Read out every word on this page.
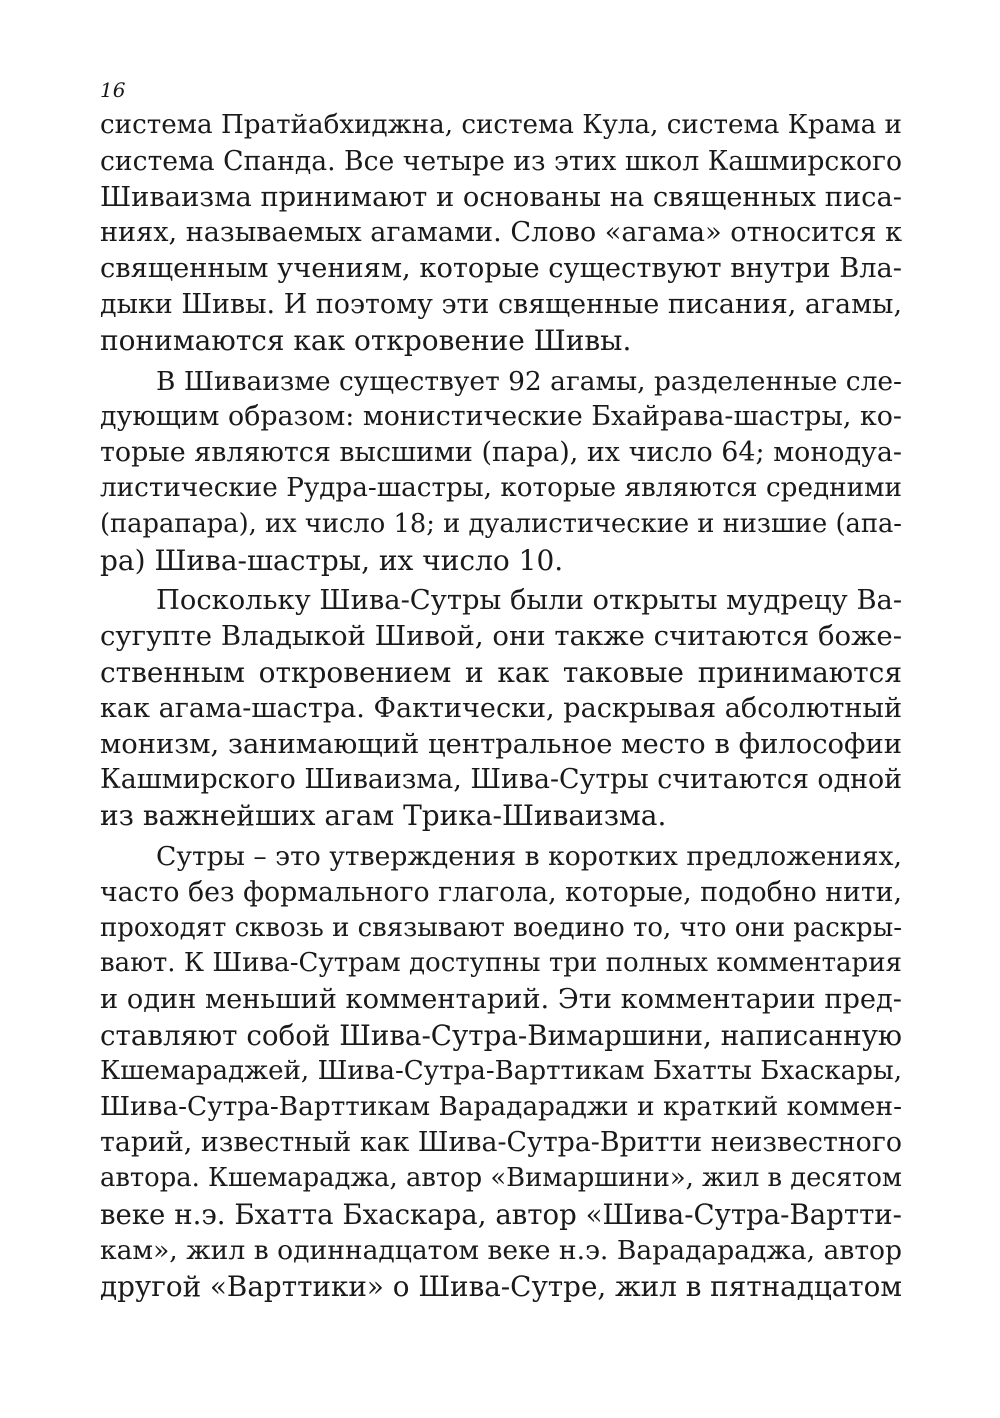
16
система Пратйабхиджна, система Кула, система Крама и
система Спанда. Все четыре из этих школ Кашмирского
Шиваизма принимают и основаны на священных писа-
ниях, называемых агамами. Слово «агама» относится к
священным учениям, которые существуют внутри Вла-
дыки Шивы. И поэтому эти священные писания, агамы,
понимаются как откровение Шивы.
В Шиваизме существует 92 агамы, разделенные сле-
дующим образом: монистические Бхайрава-шастры, ко-
торые являются высшими (пара), их число 64; монодуа-
листические Рудра-шастры, которые являются средними
(парапара), их число 18; и дуалистические и низшие (апа-
ра) Шива-шастры, их число 10.
Поскольку Шива-Сутры были открыты мудрецу Ва-
сугупте Владыкой Шивой, они также считаются боже-
ственным откровением и как таковые принимаются
как агама-шастра. Фактически, раскрывая абсолютный
монизм, занимающий центральное место в философии
Кашмирского Шиваизма, Шива-Сутры считаются одной
из важнейших агам Трика-Шиваизма.
Сутры – это утверждения в коротких предложениях,
часто без формального глагола, которые, подобно нити,
проходят сквозь и связывают воедино то, что они раскры-
вают. К Шива-Сутрам доступны три полных комментария
и один меньший комментарий. Эти комментарии пред-
ставляют собой Шива-Сутра-Вимаршини, написанную
Кшемараджей, Шива-Сутра-Варттикам Бхатты Бхаскары,
Шива-Сутра-Варттикам Варадараджи и краткий коммен-
тарий, известный как Шива-Сутра-Вритти неизвестного
автора. Кшемараджа, автор «Вимаршини», жил в десятом
веке н.э. Бхатта Бхаскара, автор «Шива-Сутра-Вартти-
кам», жил в одиннадцатом веке н.э. Варадараджа, автор
другой «Варттики» о Шива-Сутре, жил в пятнадцатом
